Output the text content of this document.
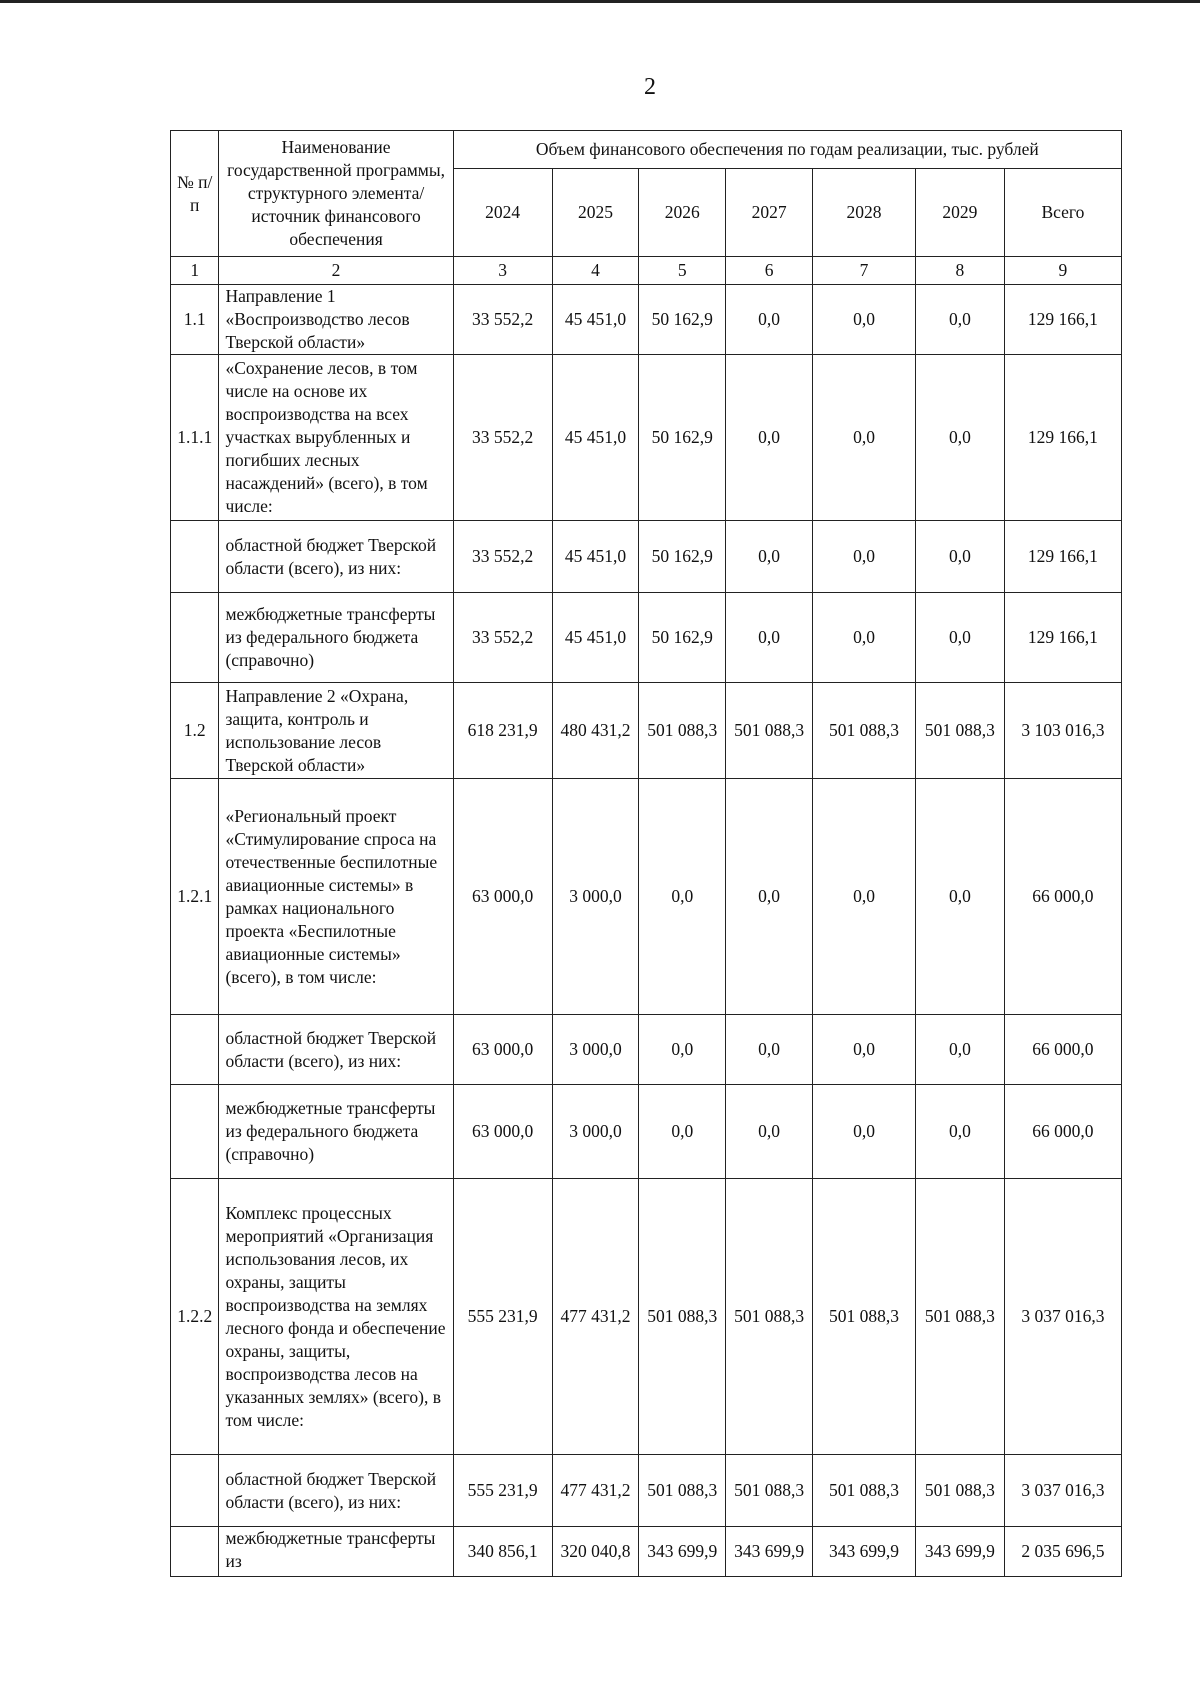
2
№ п/п	Наименование государственной программы, структурного элемента/источник финансового обеспечения	Объем финансового обеспечения по годам реализации, тыс. рублей						
		2024	2025	2026	2027	2028	2029	Всего
1	2	3	4	5	6	7	8	9
1.1	Направление 1 «Воспроизводство лесов Тверской области»	33 552,2	45 451,0	50 162,9	0,0	0,0	0,0	129 166,1
1.1.1	«Сохранение лесов, в том числе на основе их воспроизводства на всех участках вырубленных и погибших лесных насаждений» (всего), в том числе:	33 552,2	45 451,0	50 162,9	0,0	0,0	0,0	129 166,1
	областной бюджет Тверской области (всего), из них:	33 552,2	45 451,0	50 162,9	0,0	0,0	0,0	129 166,1
	межбюджетные трансферты из федерального бюджета (справочно)	33 552,2	45 451,0	50 162,9	0,0	0,0	0,0	129 166,1
1.2	Направление 2 «Охрана, защита, контроль и использование лесов Тверской области»	618 231,9	480 431,2	501 088,3	501 088,3	501 088,3	501 088,3	3 103 016,3
1.2.1	«Региональный проект «Стимулирование спроса на отечественные беспилотные авиационные системы» в рамках национального проекта «Беспилотные авиационные системы» (всего), в том числе:	63 000,0	3 000,0	0,0	0,0	0,0	0,0	66 000,0
	областной бюджет Тверской области (всего), из них:	63 000,0	3 000,0	0,0	0,0	0,0	0,0	66 000,0
	межбюджетные трансферты из федерального бюджета (справочно)	63 000,0	3 000,0	0,0	0,0	0,0	0,0	66 000,0
1.2.2	Комплекс процессных мероприятий «Организация использования лесов, их охраны, защиты воспроизводства на землях лесного фонда и обеспечение охраны, защиты, воспроизводства лесов на указанных землях» (всего), в том числе:	555 231,9	477 431,2	501 088,3	501 088,3	501 088,3	501 088,3	3 037 016,3
	областной бюджет Тверской области (всего), из них:	555 231,9	477 431,2	501 088,3	501 088,3	501 088,3	501 088,3	3 037 016,3
	межбюджетные трансферты из	340 856,1	320 040,8	343 699,9	343 699,9	343 699,9	343 699,9	2 035 696,5
